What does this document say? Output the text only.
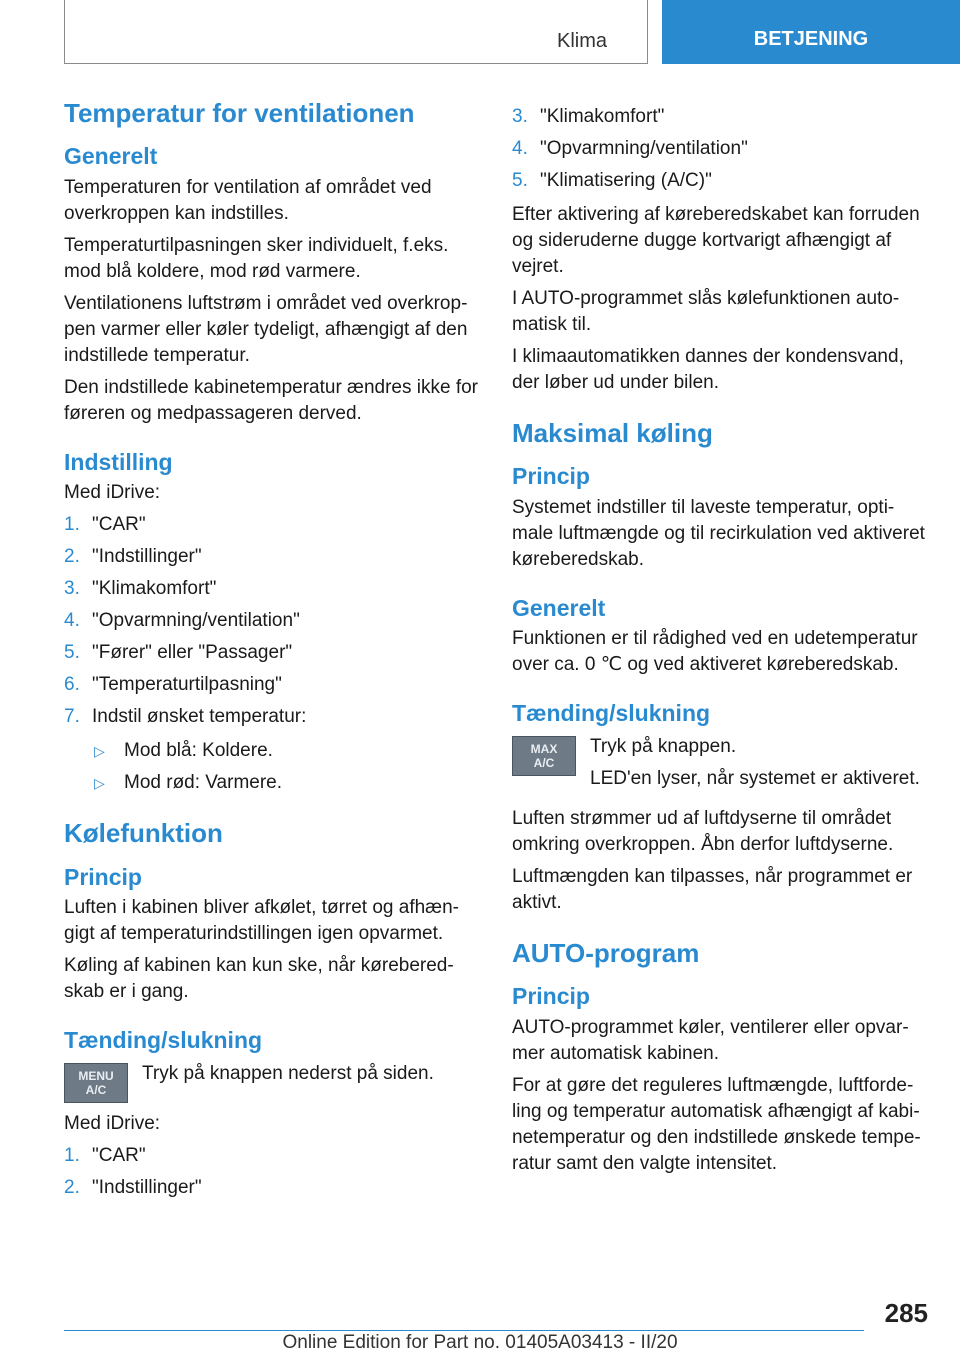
Klima	BETJENING
Temperatur for ventilationen
Generelt

Temperaturen for ventilation af området ved overkroppen kan indstilles.

Temperaturtilpasningen sker individuelt, f.eks. mod blå koldere, mod rød varmere.

Ventilationens luftstrøm i området ved overkrop-pen varmer eller køler tydeligt, afhængigt af den indstillede temperatur.

Den indstillede kabinetemperatur ændres ikke for føreren og medpassageren derved.

Indstilling

Med iDrive:

1. "CAR"
2. "Indstillinger"
3. "Klimakomfort"
4. "Opvarmning/ventilation"
5. "Fører" eller "Passager"
6. "Temperaturtilpasning"
7. Indstil ønsket temperatur:
▷	Mod blå: Koldere.
▷	Mod rød: Varmere.
Kølefunktion
Princip

Luften i kabinen bliver afkølet, tørret og afhæn-gigt af temperaturindstillingen igen opvarmet.

Køling af kabinen kan kun ske, når kørebered-skab er i gang.

Tænding/slukning
MENU
A/C

Tryk på knappen nederst på siden.

Med iDrive:

1. "CAR"
2. "Indstillinger"
3. "Klimakomfort"
4. "Opvarmning/ventilation"
5. "Klimatisering (A/C)"

Efter aktivering af køreberedskabet kan forruden og sideruderne dugge kortvarigt afhængigt af vejret.

I AUTO-programmet slås kølefunktionen auto-matisk til.

I klimaautomatikken dannes der kondensvand, der løber ud under bilen.

Maksimal køling
Princip

Systemet indstiller til laveste temperatur, opti-male luftmængde og til recirkulation ved aktiveret køreberedskab.

Generelt

Funktionen er til rådighed ved en udetemperatur over ca. 0 ℃ og ved aktiveret køreberedskab.

Tænding/slukning
MAX
A/C

Tryk på knappen.

LED'en lyser, når systemet er aktiveret.

Luften strømmer ud af luftdyserne til området omkring overkroppen. Åbn derfor luftdyserne.

Luftmængden kan tilpasses, når programmet er aktivt.

AUTO-program
Princip

AUTO-programmet køler, ventilerer eller opvar-mer automatisk kabinen.

For at gøre det reguleres luftmængde, luftforde-ling og temperatur automatisk afhængigt af kabi-netemperatur og den indstillede ønskede tempe-ratur samt den valgte intensitet.

285
Online Edition for Part no. 01405A03413 - II/20
